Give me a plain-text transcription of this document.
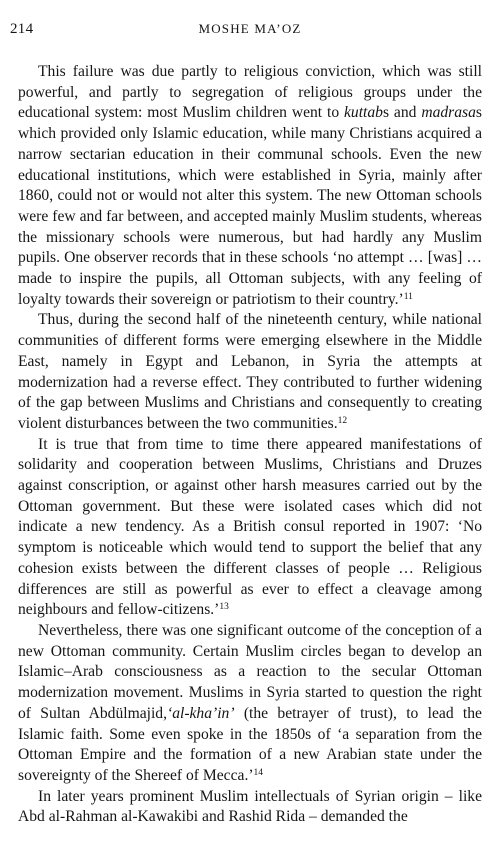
214	MOSHE MA’OZ

This failure was due partly to religious conviction, which was still powerful, and partly to segregation of religious groups under the educational system: most Muslim children went to kuttabs and madrasas which provided only Islamic education, while many Christians acquired a narrow sectarian education in their communal schools. Even the new educational institutions, which were established in Syria, mainly after 1860, could not or would not alter this system. The new Ottoman schools were few and far between, and accepted mainly Muslim students, whereas the missionary schools were numerous, but had hardly any Muslim pupils. One observer records that in these schools ‘no attempt … [was] … made to inspire the pupils, all Ottoman subjects, with any feeling of loyalty towards their sovereign or patriotism to their country.’$^{11}$

Thus, during the second half of the nineteenth century, while national communities of different forms were emerging elsewhere in the Middle East, namely in Egypt and Lebanon, in Syria the attempts at modernization had a reverse effect. They contributed to further widening of the gap between Muslims and Christians and consequently to creating violent disturbances between the two communities.$^{12}$

It is true that from time to time there appeared manifestations of solidarity and cooperation between Muslims, Christians and Druzes against conscription, or against other harsh measures carried out by the Ottoman government. But these were isolated cases which did not indicate a new tendency. As a British consul reported in 1907: ‘No symptom is noticeable which would tend to support the belief that any cohesion exists between the different classes of people … Religious differences are still as powerful as ever to effect a cleavage among neighbours and fellow-citizens.’$^{13}$

Nevertheless, there was one significant outcome of the conception of a new Ottoman community. Certain Muslim circles began to develop an Islamic–Arab consciousness as a reaction to the secular Ottoman modernization movement. Muslims in Syria started to question the right of Sultan Abdülmajid,‘al-kha’in’ (the betrayer of trust), to lead the Islamic faith. Some even spoke in the 1850s of ‘a separation from the Ottoman Empire and the formation of a new Arabian state under the sovereignty of the Shereef of Mecca.’$^{14}$

In later years prominent Muslim intellectuals of Syrian origin – like Abd al-Rahman al-Kawakibi and Rashid Rida – demanded the
